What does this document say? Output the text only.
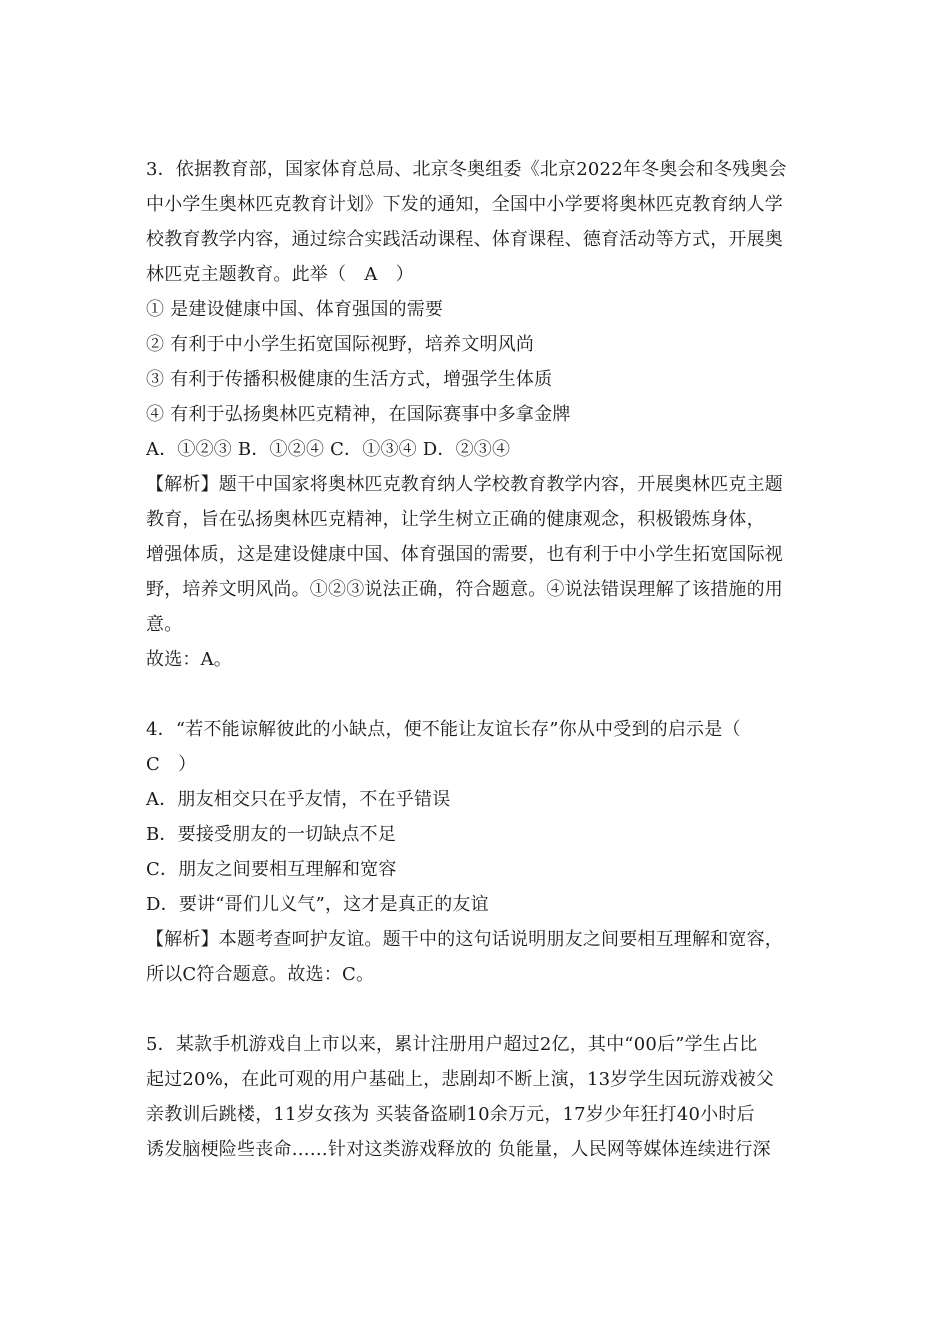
3．依据教育部，国家体育总局、北京冬奥组委《北京2022年冬奥会和冬残奥会
中小学生奥林匹克教育计划》下发的通知，全国中小学要将奥林匹克教育纳人学
校教育教学内容，通过综合实践活动课程、体育课程、德育活动等方式，开展奥
林匹克主题教育。此举（　A　）
① 是建设健康中国、体育强国的需要
② 有利于中小学生拓宽国际视野，培养文明风尚
③ 有利于传播积极健康的生活方式，增强学生体质
④ 有利于弘扬奥林匹克精神，在国际赛事中多拿金牌
A．①②③ B．①②④ C．①③④ D．②③④
【解析】题干中国家将奥林匹克教育纳人学校教育教学内容，开展奥林匹克主题
教育，旨在弘扬奥林匹克精神，让学生树立正确的健康观念，积极锻炼身体，
增强体质，这是建设健康中国、体育强国的需要，也有利于中小学生拓宽国际视
野，培养文明风尚。①②③说法正确，符合题意。④说法错误理解了该措施的用
意。
故选：A。
4．“若不能谅解彼此的小缺点，便不能让友谊长存”你从中受到的启示是（
C　）
A．朋友相交只在乎友情，不在乎错误
B．要接受朋友的一切缺点不足
C．朋友之间要相互理解和宽容
D．要讲“哥们儿义气”，这才是真正的友谊
【解析】本题考查呵护友谊。题干中的这句话说明朋友之间要相互理解和宽容，
所以C符合题意。故选：C。
5．某款手机游戏自上市以来，累计注册用户超过2亿，其中“00后”学生占比
起过20%，在此可观的用户基础上，悲剧却不断上演，13岁学生因玩游戏被父
亲教训后跳楼，11岁女孩为 买装备盗刷10余万元，17岁少年狂打40小时后
诱发脑梗险些丧命……针对这类游戏释放的 负能量，人民网等媒体连续进行深
